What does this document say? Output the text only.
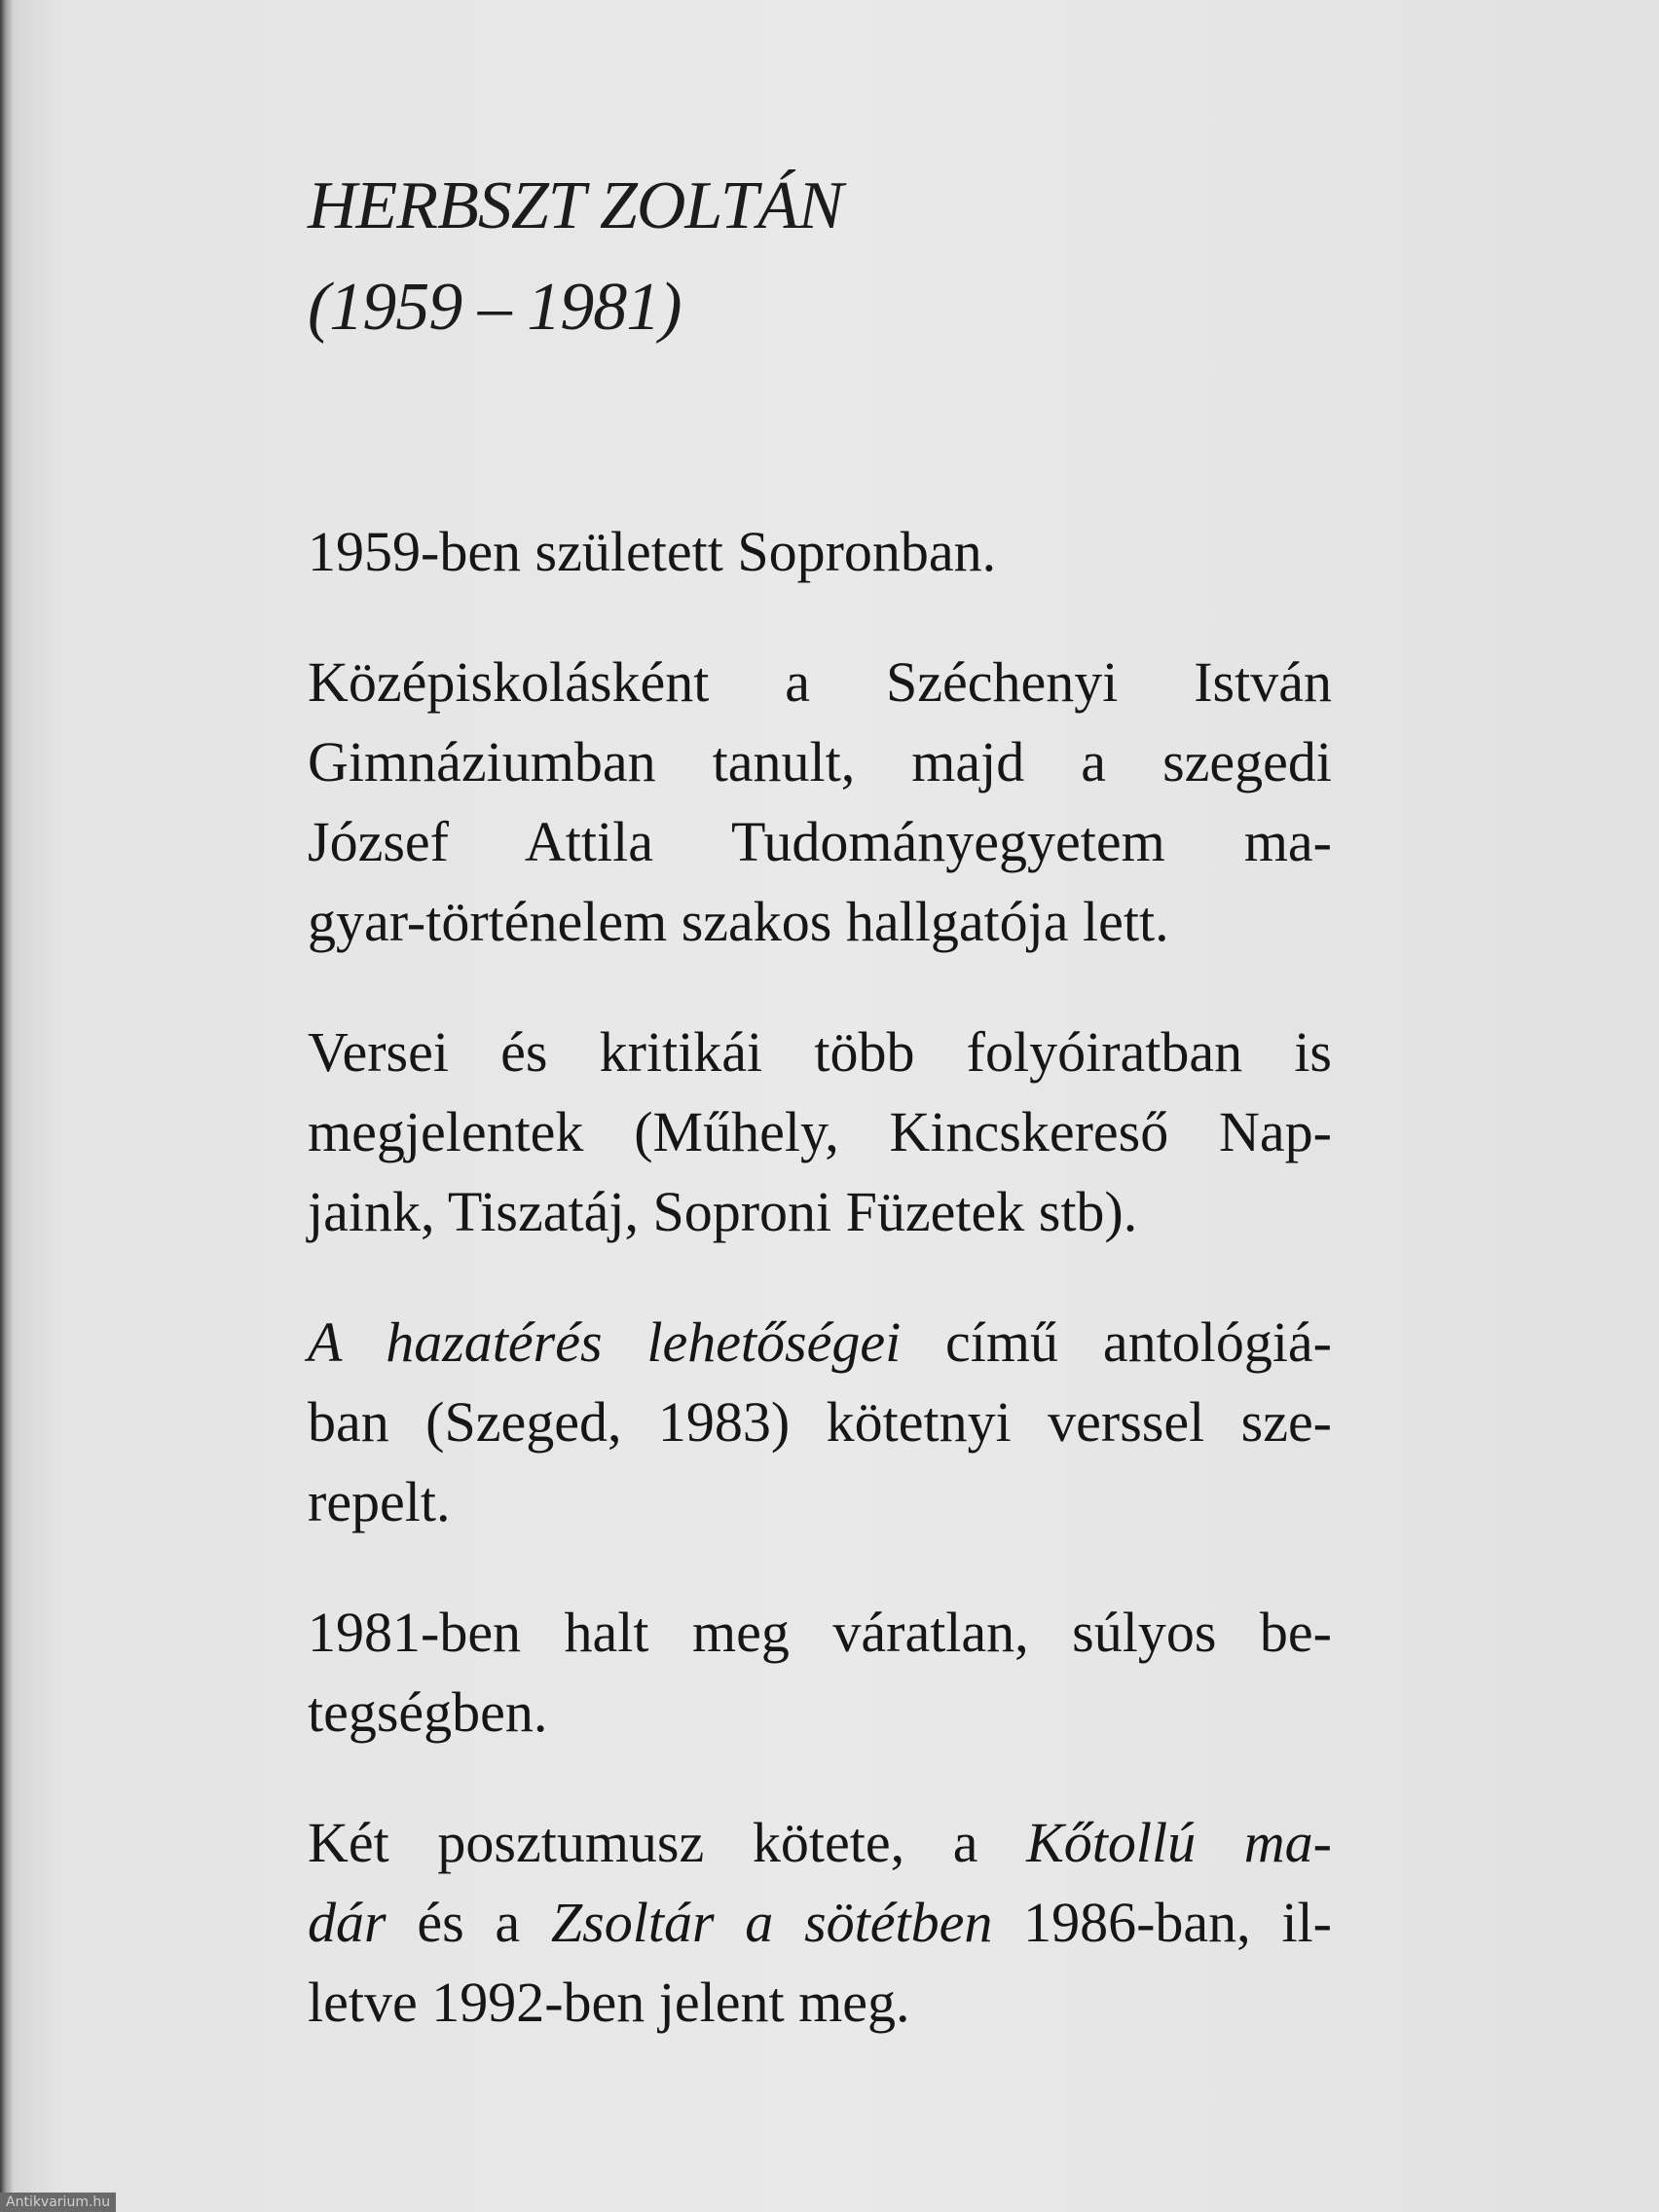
HERBSZT ZOLTÁN
(1959 – 1981)
1959-ben született Sopronban.
Középiskolásként a Széchenyi István
Gimnáziumban tanult, majd a szegedi
József Attila Tudományegyetem ma-
gyar-történelem szakos hallgatója lett.
Versei és kritikái több folyóiratban is
megjelentek (Műhely, Kincskereső Nap-
jaink, Tiszatáj, Soproni Füzetek stb).
A hazatérés lehetőségei című antológiá-
ban (Szeged, 1983) kötetnyi verssel sze-
repelt.
1981-ben halt meg váratlan, súlyos be-
tegségben.
Két posztumusz kötete, a Kőtollú ma-
dár és a Zsoltár a sötétben 1986-ban, il-
letve 1992-ben jelent meg.
Antikvarium.hu
